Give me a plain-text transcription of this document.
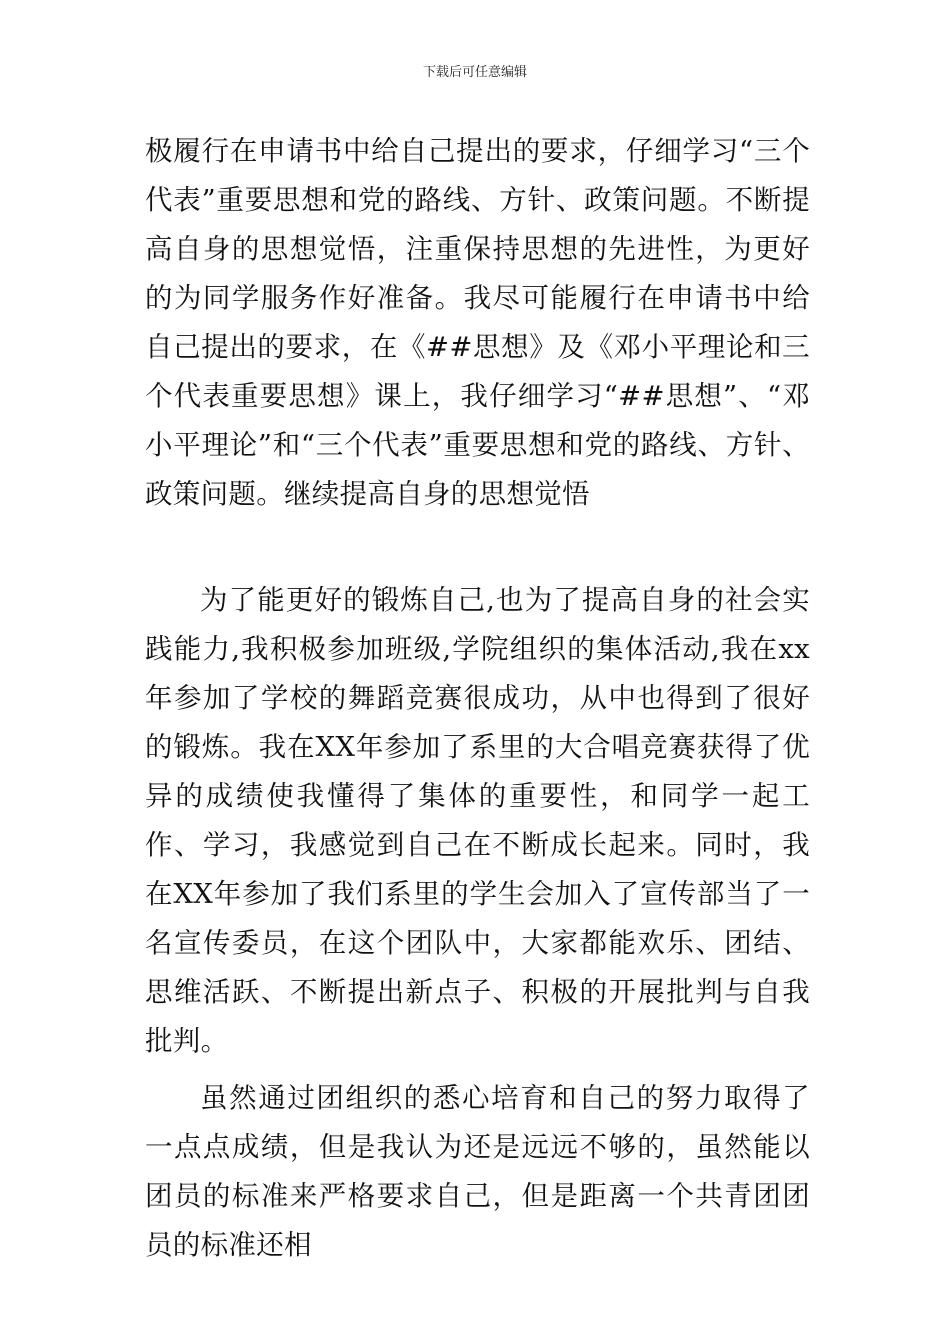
下载后可任意编辑
极履行在申请书中给自己提出的要求，仔细学习“三个代表”重要思想和党的路线、方针、政策问题。不断提高自身的思想觉悟，注重保持思想的先进性，为更好的为同学服务作好准备。我尽可能履行在申请书中给自己提出的要求，在《##思想》及《邓小平理论和三个代表重要思想》课上，我仔细学习“##思想”、“邓小平理论”和“三个代表”重要思想和党的路线、方针、政策问题。继续提高自身的思想觉悟
为了能更好的锻炼自己,也为了提高自身的社会实践能力,我积极参加班级,学院组织的集体活动,我在xx年参加了学校的舞蹈竞赛很成功，从中也得到了很好的锻炼。我在XX年参加了系里的大合唱竞赛获得了优异的成绩使我懂得了集体的重要性，和同学一起工作、学习，我感觉到自己在不断成长起来。同时，我在XX年参加了我们系里的学生会加入了宣传部当了一名宣传委员，在这个团队中，大家都能欢乐、团结、思维活跃、不断提出新点子、积极的开展批判与自我批判。
虽然通过团组织的悉心培育和自己的努力取得了一点点成绩，但是我认为还是远远不够的，虽然能以团员的标准来严格要求自己，但是距离一个共青团团员的标准还相
